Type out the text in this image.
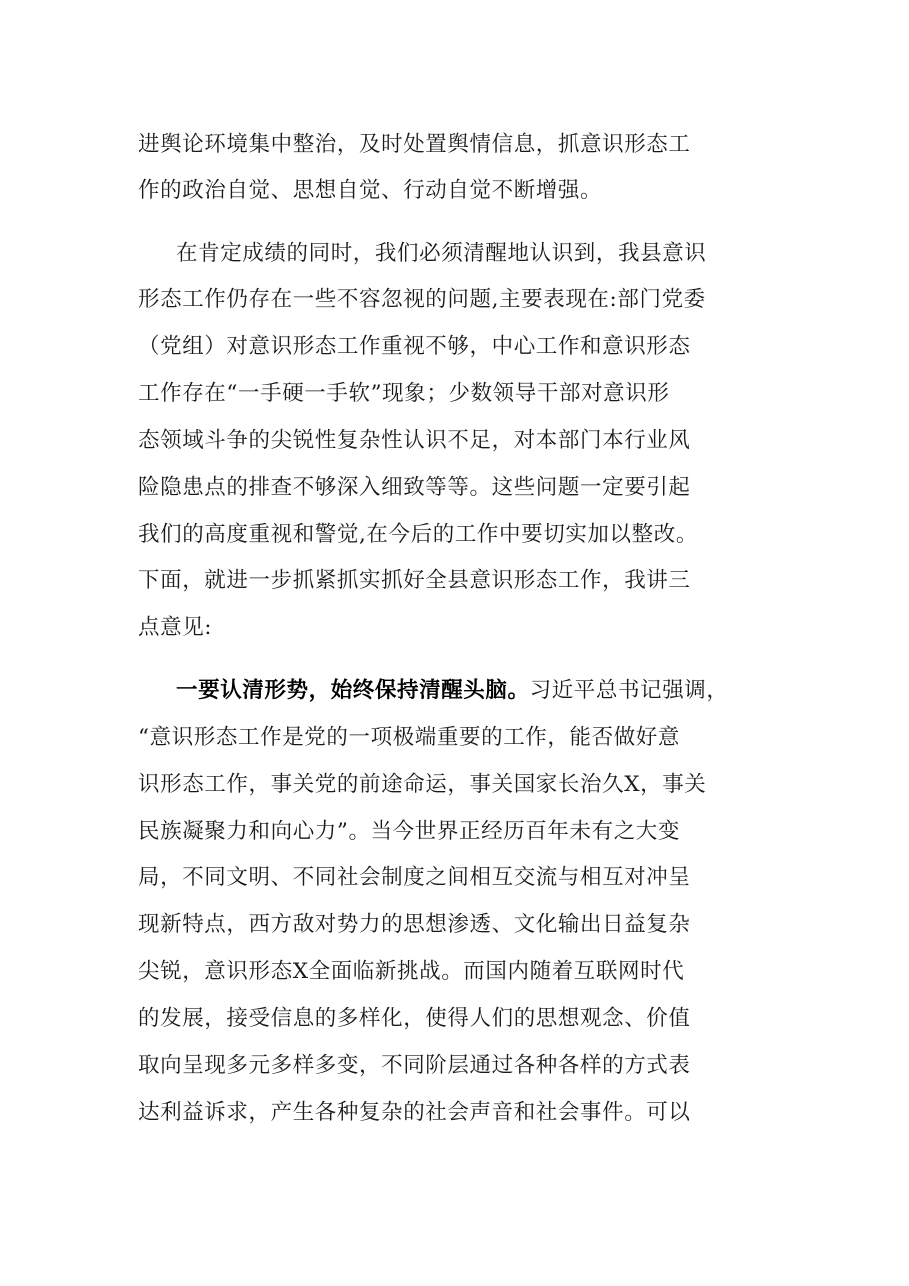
进舆论环境集中整治，及时处置舆情信息，抓意识形态工
作的政治自觉、思想自觉、行动自觉不断增强。
在肯定成绩的同时，我们必须清醒地认识到，我县意识
形态工作仍存在一些不容忽视的问题,主要表现在:部门党委
（党组）对意识形态工作重视不够，中心工作和意识形态
工作存在“一手硬一手软”现象；少数领导干部对意识形
态领域斗争的尖锐性复杂性认识不足，对本部门本行业风
险隐患点的排查不够深入细致等等。这些问题一定要引起
我们的高度重视和警觉,在今后的工作中要切实加以整改。
下面，就进一步抓紧抓实抓好全县意识形态工作，我讲三
点意见:
一要认清形势，始终保持清醒头脑。习近平总书记强调，
“意识形态工作是党的一项极端重要的工作，能否做好意
识形态工作，事关党的前途命运，事关国家长治久X，事关
民族凝聚力和向心力”。当今世界正经历百年未有之大变
局，不同文明、不同社会制度之间相互交流与相互对冲呈
现新特点，西方敌对势力的思想渗透、文化输出日益复杂
尖锐，意识形态X全面临新挑战。而国内随着互联网时代
的发展，接受信息的多样化，使得人们的思想观念、价值
取向呈现多元多样多变，不同阶层通过各种各样的方式表
达利益诉求，产生各种复杂的社会声音和社会事件。可以
